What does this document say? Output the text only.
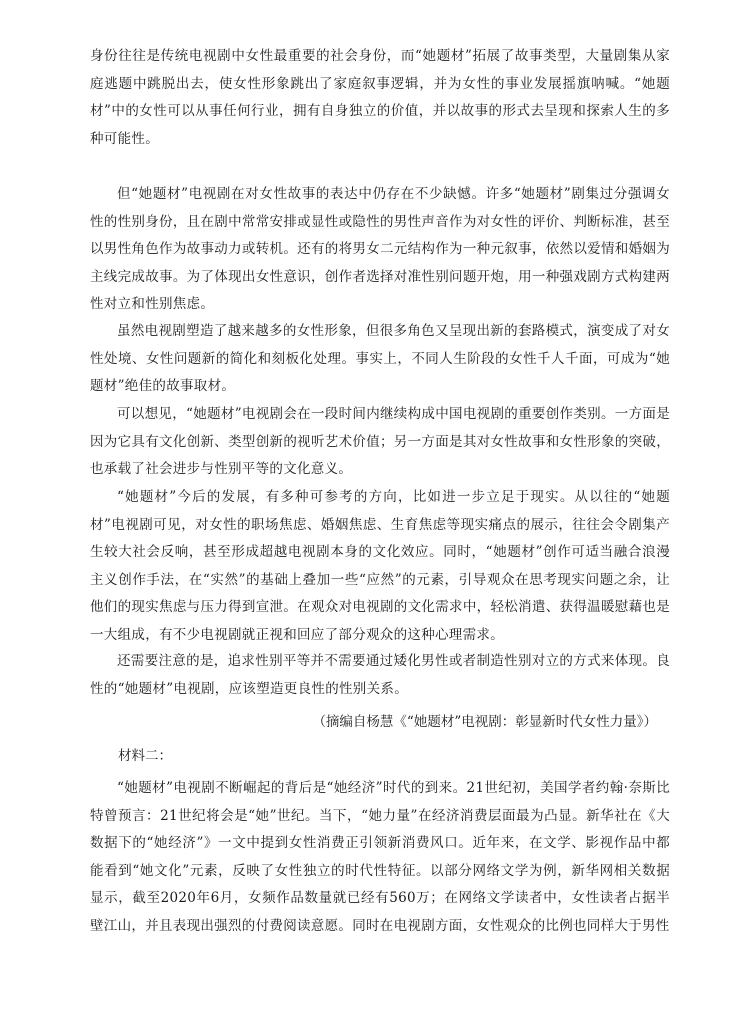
身份往往是传统电视剧中女性最重要的社会身份，而“她题材”拓展了故事类型，大量剧集从家庭逃题中跳脱出去，使女性形象跳出了家庭叙事逻辑，并为女性的事业发展摇旗呐喊。“她题材”中的女性可以从事任何行业，拥有自身独立的价值，并以故事的形式去呈现和探索人生的多种可能性。

但“她题材”电视剧在对女性故事的表达中仍存在不少缺憾。许多“她题材”剧集过分强调女性的性别身份，且在剧中常常安排或显性或隐性的男性声音作为对女性的评价、判断标准，甚至以男性角色作为故事动力或转机。还有的将男女二元结构作为一种元叙事，依然以爱情和婚姻为主线完成故事。为了体现出女性意识，创作者选择对准性别问题开炮，用一种强戏剧方式构建两性对立和性别焦虑。

虽然电视剧塑造了越来越多的女性形象，但很多角色又呈现出新的套路模式，演变成了对女性处境、女性问题新的简化和刻板化处理。事实上，不同人生阶段的女性千人千面，可成为“她题材”绝佳的故事取材。

可以想见，“她题材”电视剧会在一段时间内继续构成中国电视剧的重要创作类别。一方面是因为它具有文化创新、类型创新的视听艺术价值；另一方面是其对女性故事和女性形象的突破，也承载了社会进步与性别平等的文化意义。

“她题材”今后的发展，有多种可参考的方向，比如进一步立足于现实。从以往的“她题材”电视剧可见，对女性的职场焦虑、婚姻焦虑、生育焦虑等现实痛点的展示，往往会令剧集产生较大社会反响，甚至形成超越电视剧本身的文化效应。同时，“她题材”创作可适当融合浪漫主义创作手法，在“实然”的基础上叠加一些“应然”的元素，引导观众在思考现实问题之余，让他们的现实焦虑与压力得到宣泄。在观众对电视剧的文化需求中，轻松消遣、获得温暖慰藉也是一大组成，有不少电视剧就正视和回应了部分观众的这种心理需求。

还需要注意的是，追求性别平等并不需要通过矮化男性或者制造性别对立的方式来体现。良性的“她题材”电视剧，应该塑造更良性的性别关系。

（摘编自杨慧《“她题材”电视剧：彰显新时代女性力量》）

材料二：

“她题材”电视剧不断崛起的背后是“她经济”时代的到来。21世纪初，美国学者约翰·奈斯比特曾预言：21世纪将会是“她”世纪。当下，“她力量”在经济消费层面最为凸显。新华社在《大数据下的“她经济”》一文中提到女性消费正引领新消费风口。近年来，在文学、影视作品中都能看到“她文化”元素，反映了女性独立的时代性特征。以部分网络文学为例，新华网相关数据显示，截至2020年6月，女频作品数量就已经有560万；在网络文学读者中，女性读者占据半壁江山，并且表现出强烈的付费阅读意愿。同时在电视剧方面，女性观众的比例也同样大于男性
